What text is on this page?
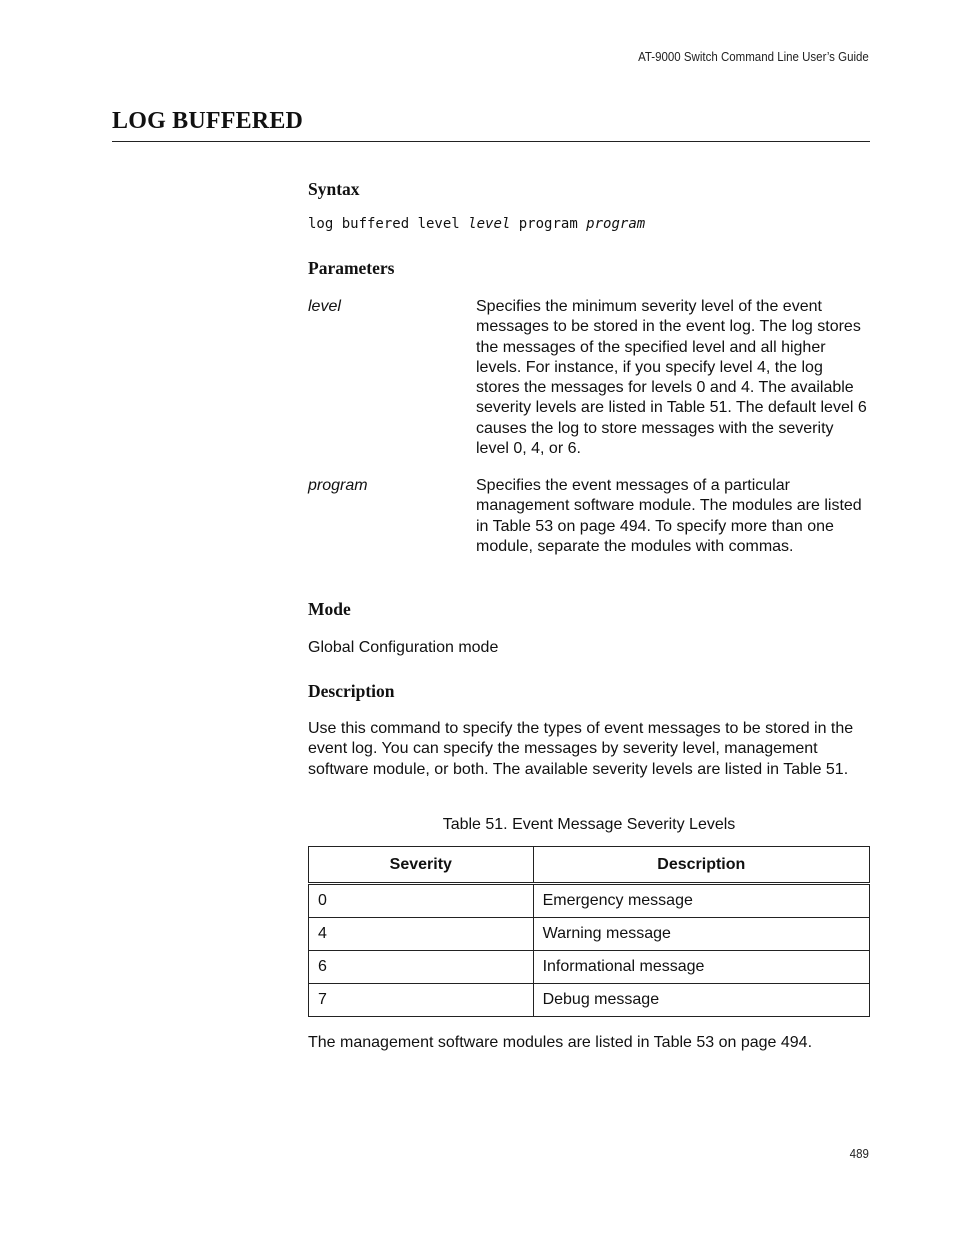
AT-9000 Switch Command Line User’s Guide
LOG BUFFERED
Syntax
log buffered level level program program
Parameters
level	Specifies the minimum severity level of the event messages to be stored in the event log. The log stores the messages of the specified level and all higher levels. For instance, if you specify level 4, the log stores the messages for levels 0 and 4. The available severity levels are listed in Table 51. The default level 6 causes the log to store messages with the severity level 0, 4, or 6.
program	Specifies the event messages of a particular management software module. The modules are listed in Table 53 on page 494. To specify more than one module, separate the modules with commas.
Mode
Global Configuration mode
Description
Use this command to specify the types of event messages to be stored in the event log. You can specify the messages by severity level, management software module, or both. The available severity levels are listed in Table 51.
Table 51. Event Message Severity Levels
Severity	Description
0	Emergency message
4	Warning message
6	Informational message
7	Debug message
The management software modules are listed in Table 53 on page 494.
489
